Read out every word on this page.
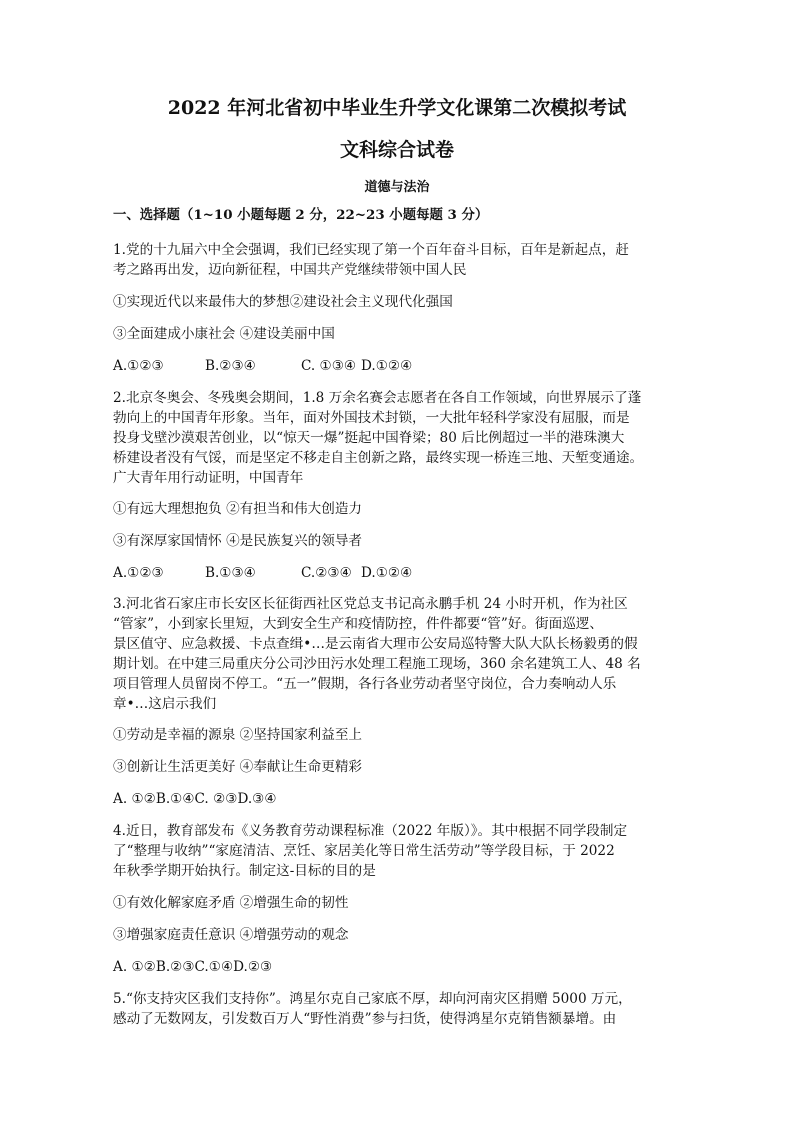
2022 年河北省初中毕业生升学文化课第二次模拟考试
文科综合试卷
道德与法治
一、选择题（1~10 小题每题 2 分，22~23 小题每题 3 分）
1.党的十九届六中全会强调，我们已经实现了第一个百年奋斗目标，百年是新起点，赶
考之路再出发，迈向新征程，中国共产党继续带领中国人民
①实现近代以来最伟大的梦想②建设社会主义现代化强国
③全面建成小康社会 ④建设美丽中国
A.①②③	B.②③④	C. ①③④ D.①②④
2.北京冬奥会、冬残奥会期间，1.8 万余名赛会志愿者在各自工作领域，向世界展示了蓬
勃向上的中国青年形象。当年，面对外国技术封锁，一大批年轻科学家没有屈服，而是
投身戈壁沙漠艰苦创业，以“惊天一爆”挺起中国脊梁；80 后比例超过一半的港珠澳大
桥建设者没有气馁，而是坚定不移走自主创新之路，最终实现一桥连三地、天堑变通途。
广大青年用行动证明，中国青年
①有远大理想抱负 ②有担当和伟大创造力
③有深厚家国情怀 ④是民族复兴的领导者
A.①②③	B.①③④	C.②③④ D.①②④
3.河北省石家庄市长安区长征街西社区党总支书记高永鹏手机 24 小时开机，作为社区
“管家”，小到家长里短，大到安全生产和疫情防控，件件都要“管”好。街面巡逻、
景区值守、应急救援、卡点查缉•…是云南省大理市公安局巡特警大队大队长杨毅勇的假
期计划。在中建三局重庆分公司沙田污水处理工程施工现场，360 余名建筑工人、48 名
项目管理人员留岗不停工。“五一”假期，各行各业劳动者坚守岗位，合力奏响动人乐
章•…这启示我们
①劳动是幸福的源泉 ②坚持国家利益至上
③创新让生活更美好 ④奉献让生命更精彩
A. ①②B.①④C. ②③D.③④
4.近日，教育部发布《义务教育劳动课程标准（2022 年版）》。其中根据不同学段制定
了“整理与收纳”“家庭清洁、烹饪、家居美化等日常生活劳动”等学段目标，于 2022
年秋季学期开始执行。制定这-目标的目的是
①有效化解家庭矛盾 ②增强生命的韧性
③增强家庭责任意识 ④增强劳动的观念
A. ①②B.②③C.①④D.②③
5.“你支持灾区我们支持你”。鸿星尔克自己家底不厚，却向河南灾区捐赠 5000 万元，
感动了无数网友，引发数百万人“野性消费”参与扫货，使得鸿星尔克销售额暴增。由
